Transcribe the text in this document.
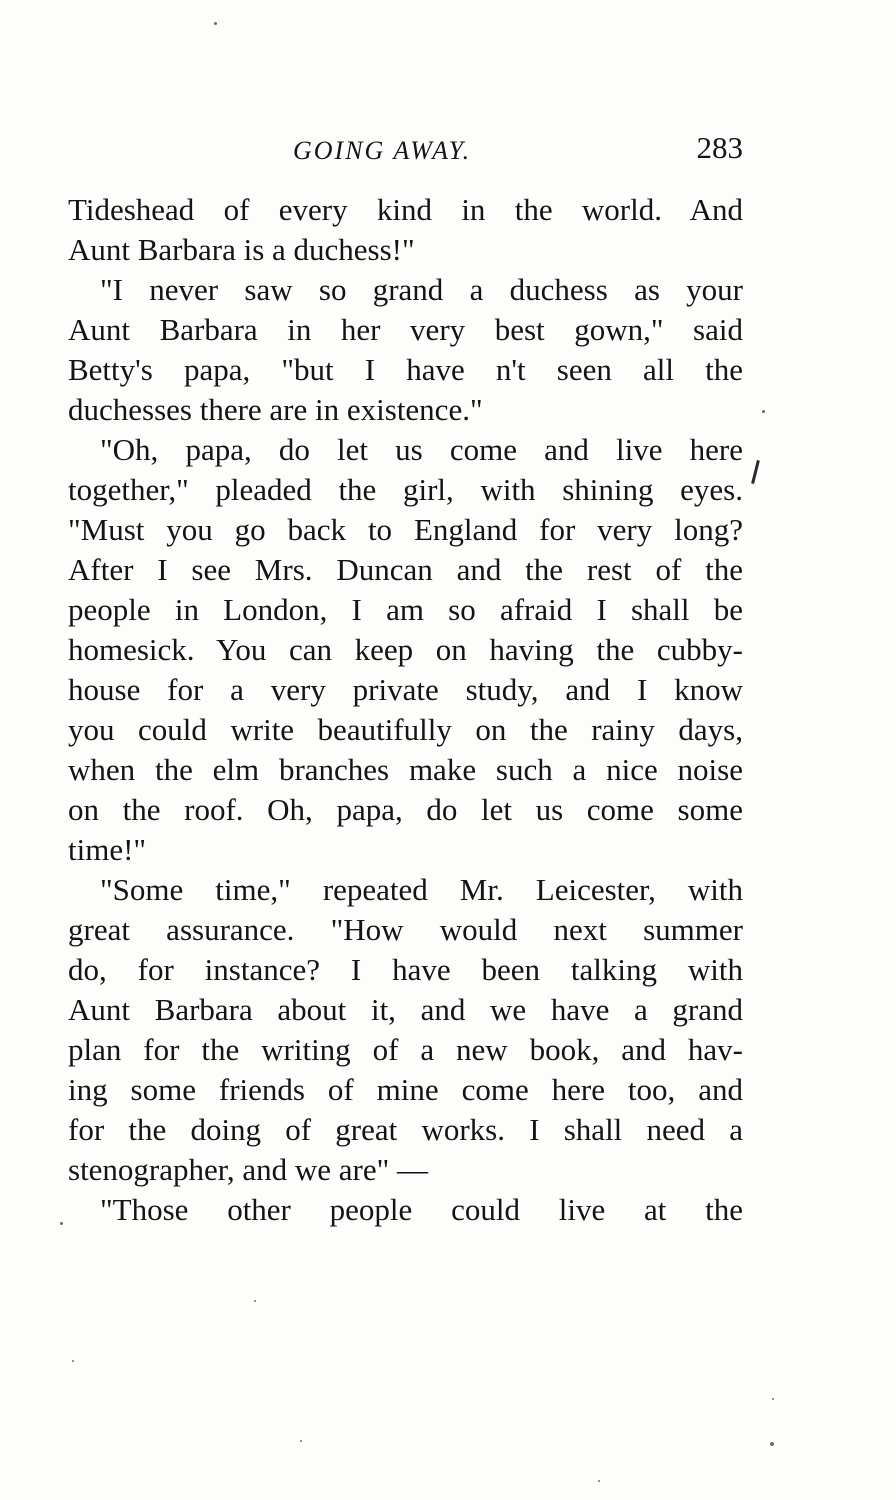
GOING AWAY.	283
Tideshead of every kind in the world. And
Aunt Barbara is a duchess!"
"I never saw so grand a duchess as your
Aunt Barbara in her very best gown," said
Betty's papa, "but I have n't seen all the
duchesses there are in existence."
"Oh, papa, do let us come and live here
together," pleaded the girl, with shining eyes.
"Must you go back to England for very long?
After I see Mrs. Duncan and the rest of the
people in London, I am so afraid I shall be
homesick. You can keep on having the cubby-
house for a very private study, and I know
you could write beautifully on the rainy days,
when the elm branches make such a nice noise
on the roof. Oh, papa, do let us come some
time!"
"Some time," repeated Mr. Leicester, with
great assurance. "How would next summer
do, for instance? I have been talking with
Aunt Barbara about it, and we have a grand
plan for the writing of a new book, and hav-
ing some friends of mine come here too, and
for the doing of great works. I shall need a
stenographer, and we are" —
"Those other people could live at the
